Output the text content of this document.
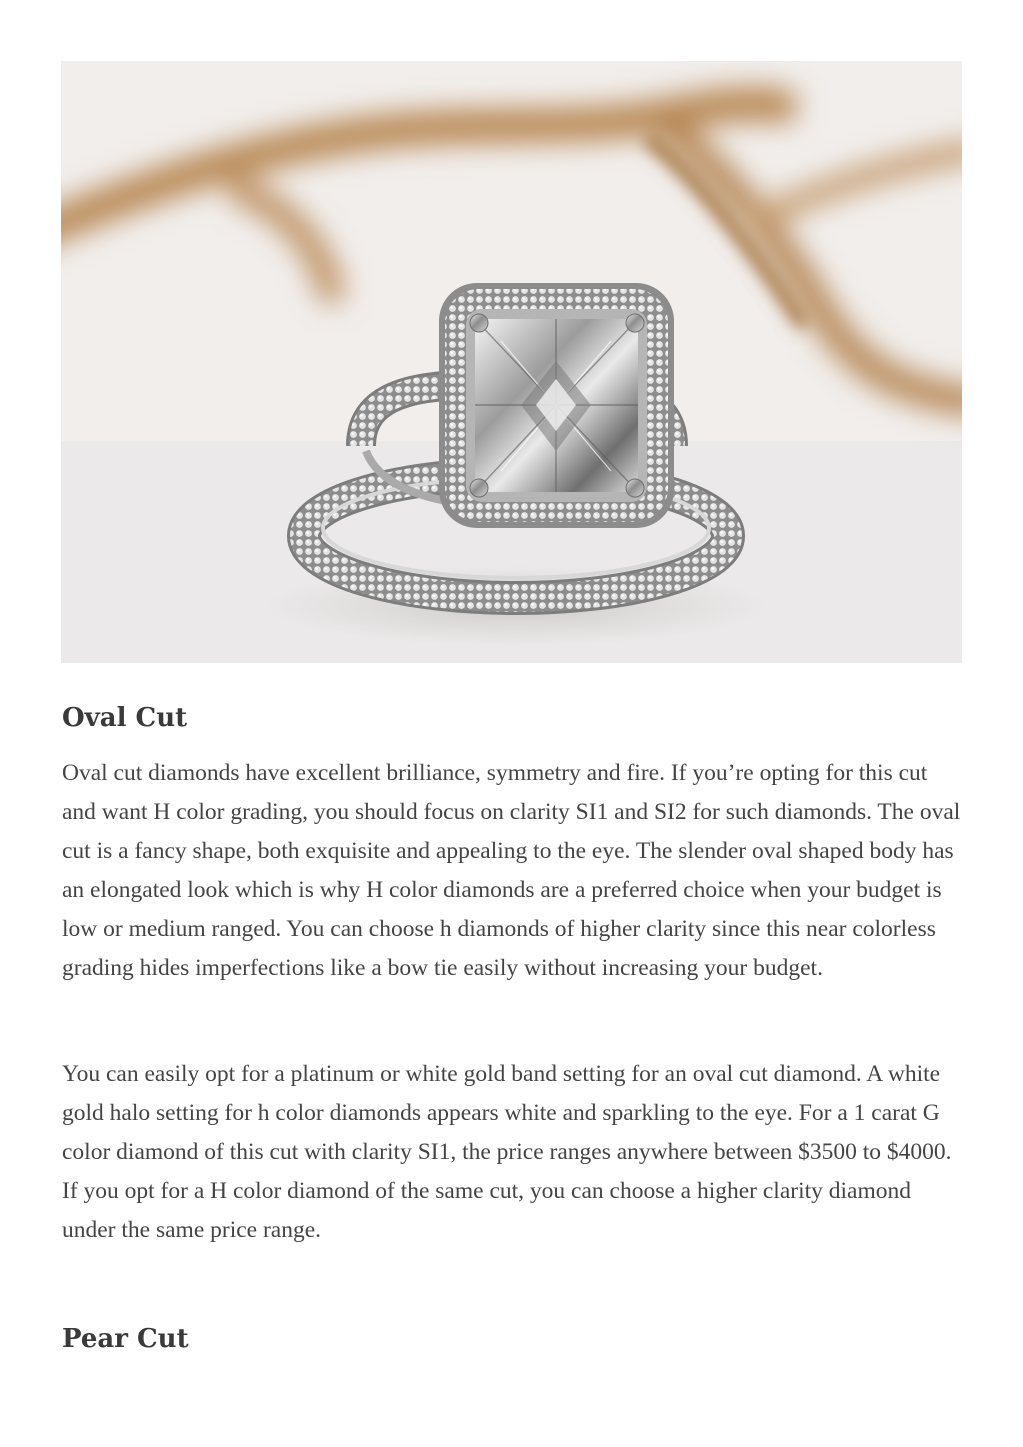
Oval Cut

Oval cut diamonds have excellent brilliance, symmetry and fire. If you’re opting for this cut and want H color grading, you should focus on clarity SI1 and SI2 for such diamonds. The oval cut is a fancy shape, both exquisite and appealing to the eye. The slender oval shaped body has an elongated look which is why H color diamonds are a preferred choice when your budget is low or medium ranged. You can choose h diamonds of higher clarity since this near colorless grading hides imperfections like a bow tie easily without increasing your budget.

You can easily opt for a platinum or white gold band setting for an oval cut diamond. A white gold halo setting for h color diamonds appears white and sparkling to the eye. For a 1 carat G color diamond of this cut with clarity SI1, the price ranges anywhere between $3500 to $4000. If you opt for a H color diamond of the same cut, you can choose a higher clarity diamond under the same price range.

Pear Cut
